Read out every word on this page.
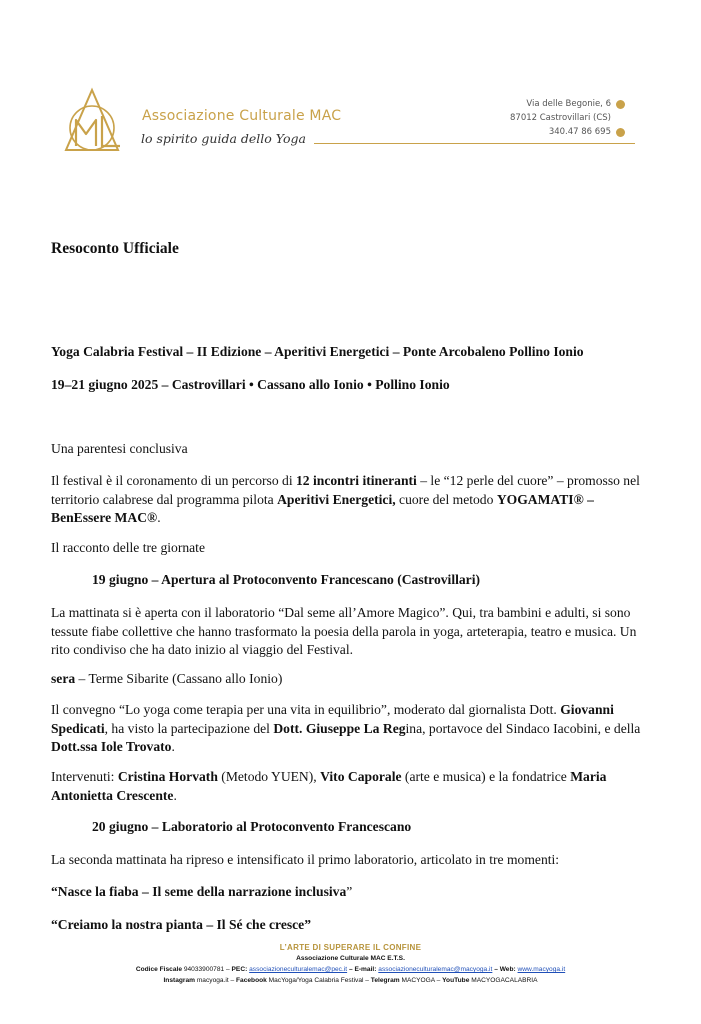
Associazione Culturale MAC
lo spirito guida dello Yoga
Via delle Begonie, 6
87012 Castrovillari (CS)
340.47 86 695
Resoconto Ufficiale
Yoga Calabria Festival – II Edizione – Aperitivi Energetici – Ponte Arcobaleno Pollino Ionio
19–21 giugno 2025 – Castrovillari • Cassano allo Ionio • Pollino Ionio
Una parentesi conclusiva
Il festival è il coronamento di un percorso di 12 incontri itineranti – le “12 perle del cuore” – promosso nel territorio calabrese dal programma pilota Aperitivi Energetici, cuore del metodo YOGAMATI® – BenEssere MAC®.
Il racconto delle tre giornate
19 giugno – Apertura al Protoconvento Francescano (Castrovillari)
La mattinata si è aperta con il laboratorio “Dal seme all’Amore Magico”. Qui, tra bambini e adulti, si sono tessute fiabe collettive che hanno trasformato la poesia della parola in yoga, arteterapia, teatro e musica. Un rito condiviso che ha dato inizio al viaggio del Festival.
sera – Terme Sibarite (Cassano allo Ionio)
Il convegno “Lo yoga come terapia per una vita in equilibrio”, moderato dal giornalista Dott. Giovanni Spedicati, ha visto la partecipazione del Dott. Giuseppe La Regina, portavoce del Sindaco Iacobini, e della Dott.ssa Iole Trovato.
Intervenuti: Cristina Horvath (Metodo YUEN), Vito Caporale (arte e musica) e la fondatrice Maria Antonietta Crescente.
20 giugno – Laboratorio al Protoconvento Francescano
La seconda mattinata ha ripreso e intensificato il primo laboratorio, articolato in tre momenti:
“Nasce la fiaba – Il seme della narrazione inclusiva”
“Creiamo la nostra pianta – Il Sé che cresce”
L’ARTE DI SUPERARE IL CONFINE
Associazione Culturale MAC E.T.S.
Codice Fiscale 94033900781 – PEC: associazioneculturalemac@pec.it – E-mail: associazioneculturalemac@macyoga.it – Web: www.macyoga.it
Instagram macyoga.it – Facebook MacYoga/Yoga Calabria Festival – Telegram MACYOGA – YouTube MACYOGACALABRIA
